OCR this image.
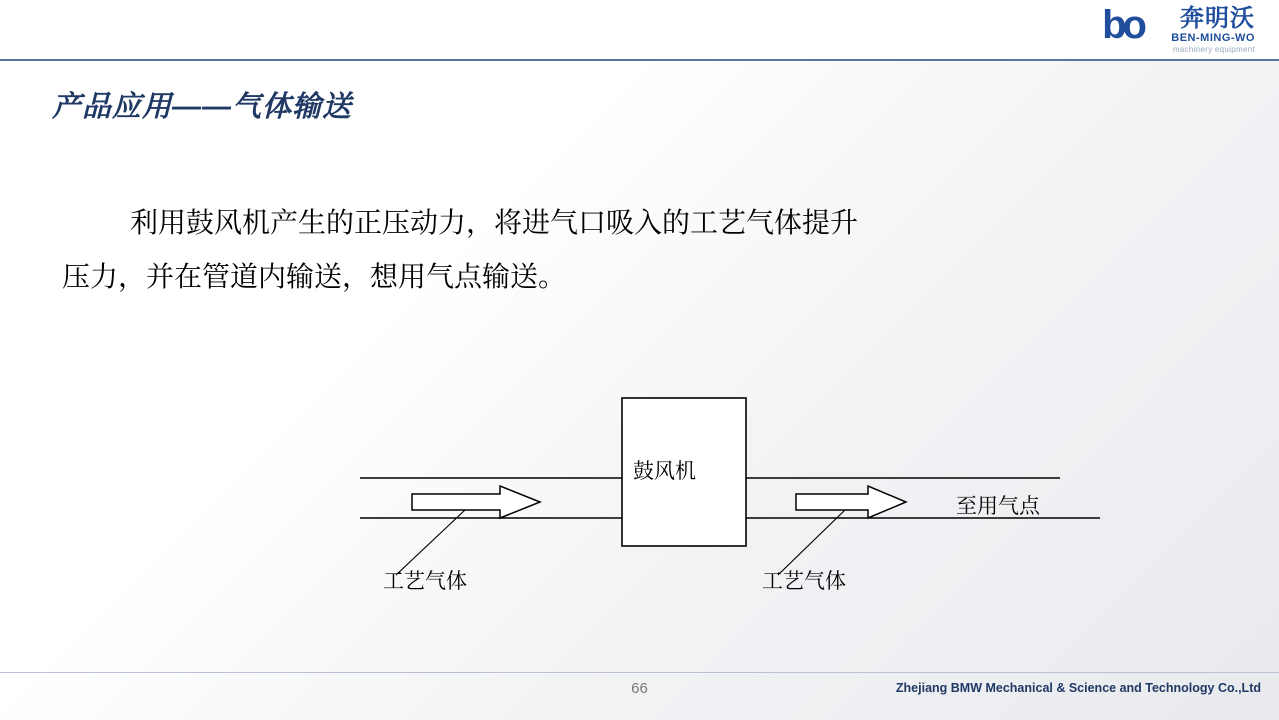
bo 奔明沃
BEN-MING-WO
machinery equipment
产品应用——气体输送
利用鼓风机产生的正压动力，将进气口吸入的工艺气体提升
压力，并在管道内输送，想用气点输送。
鼓风机
工艺气体	工艺气体
至用气点
66	Zhejiang BMW Mechanical & Science and Technology Co.,Ltd
